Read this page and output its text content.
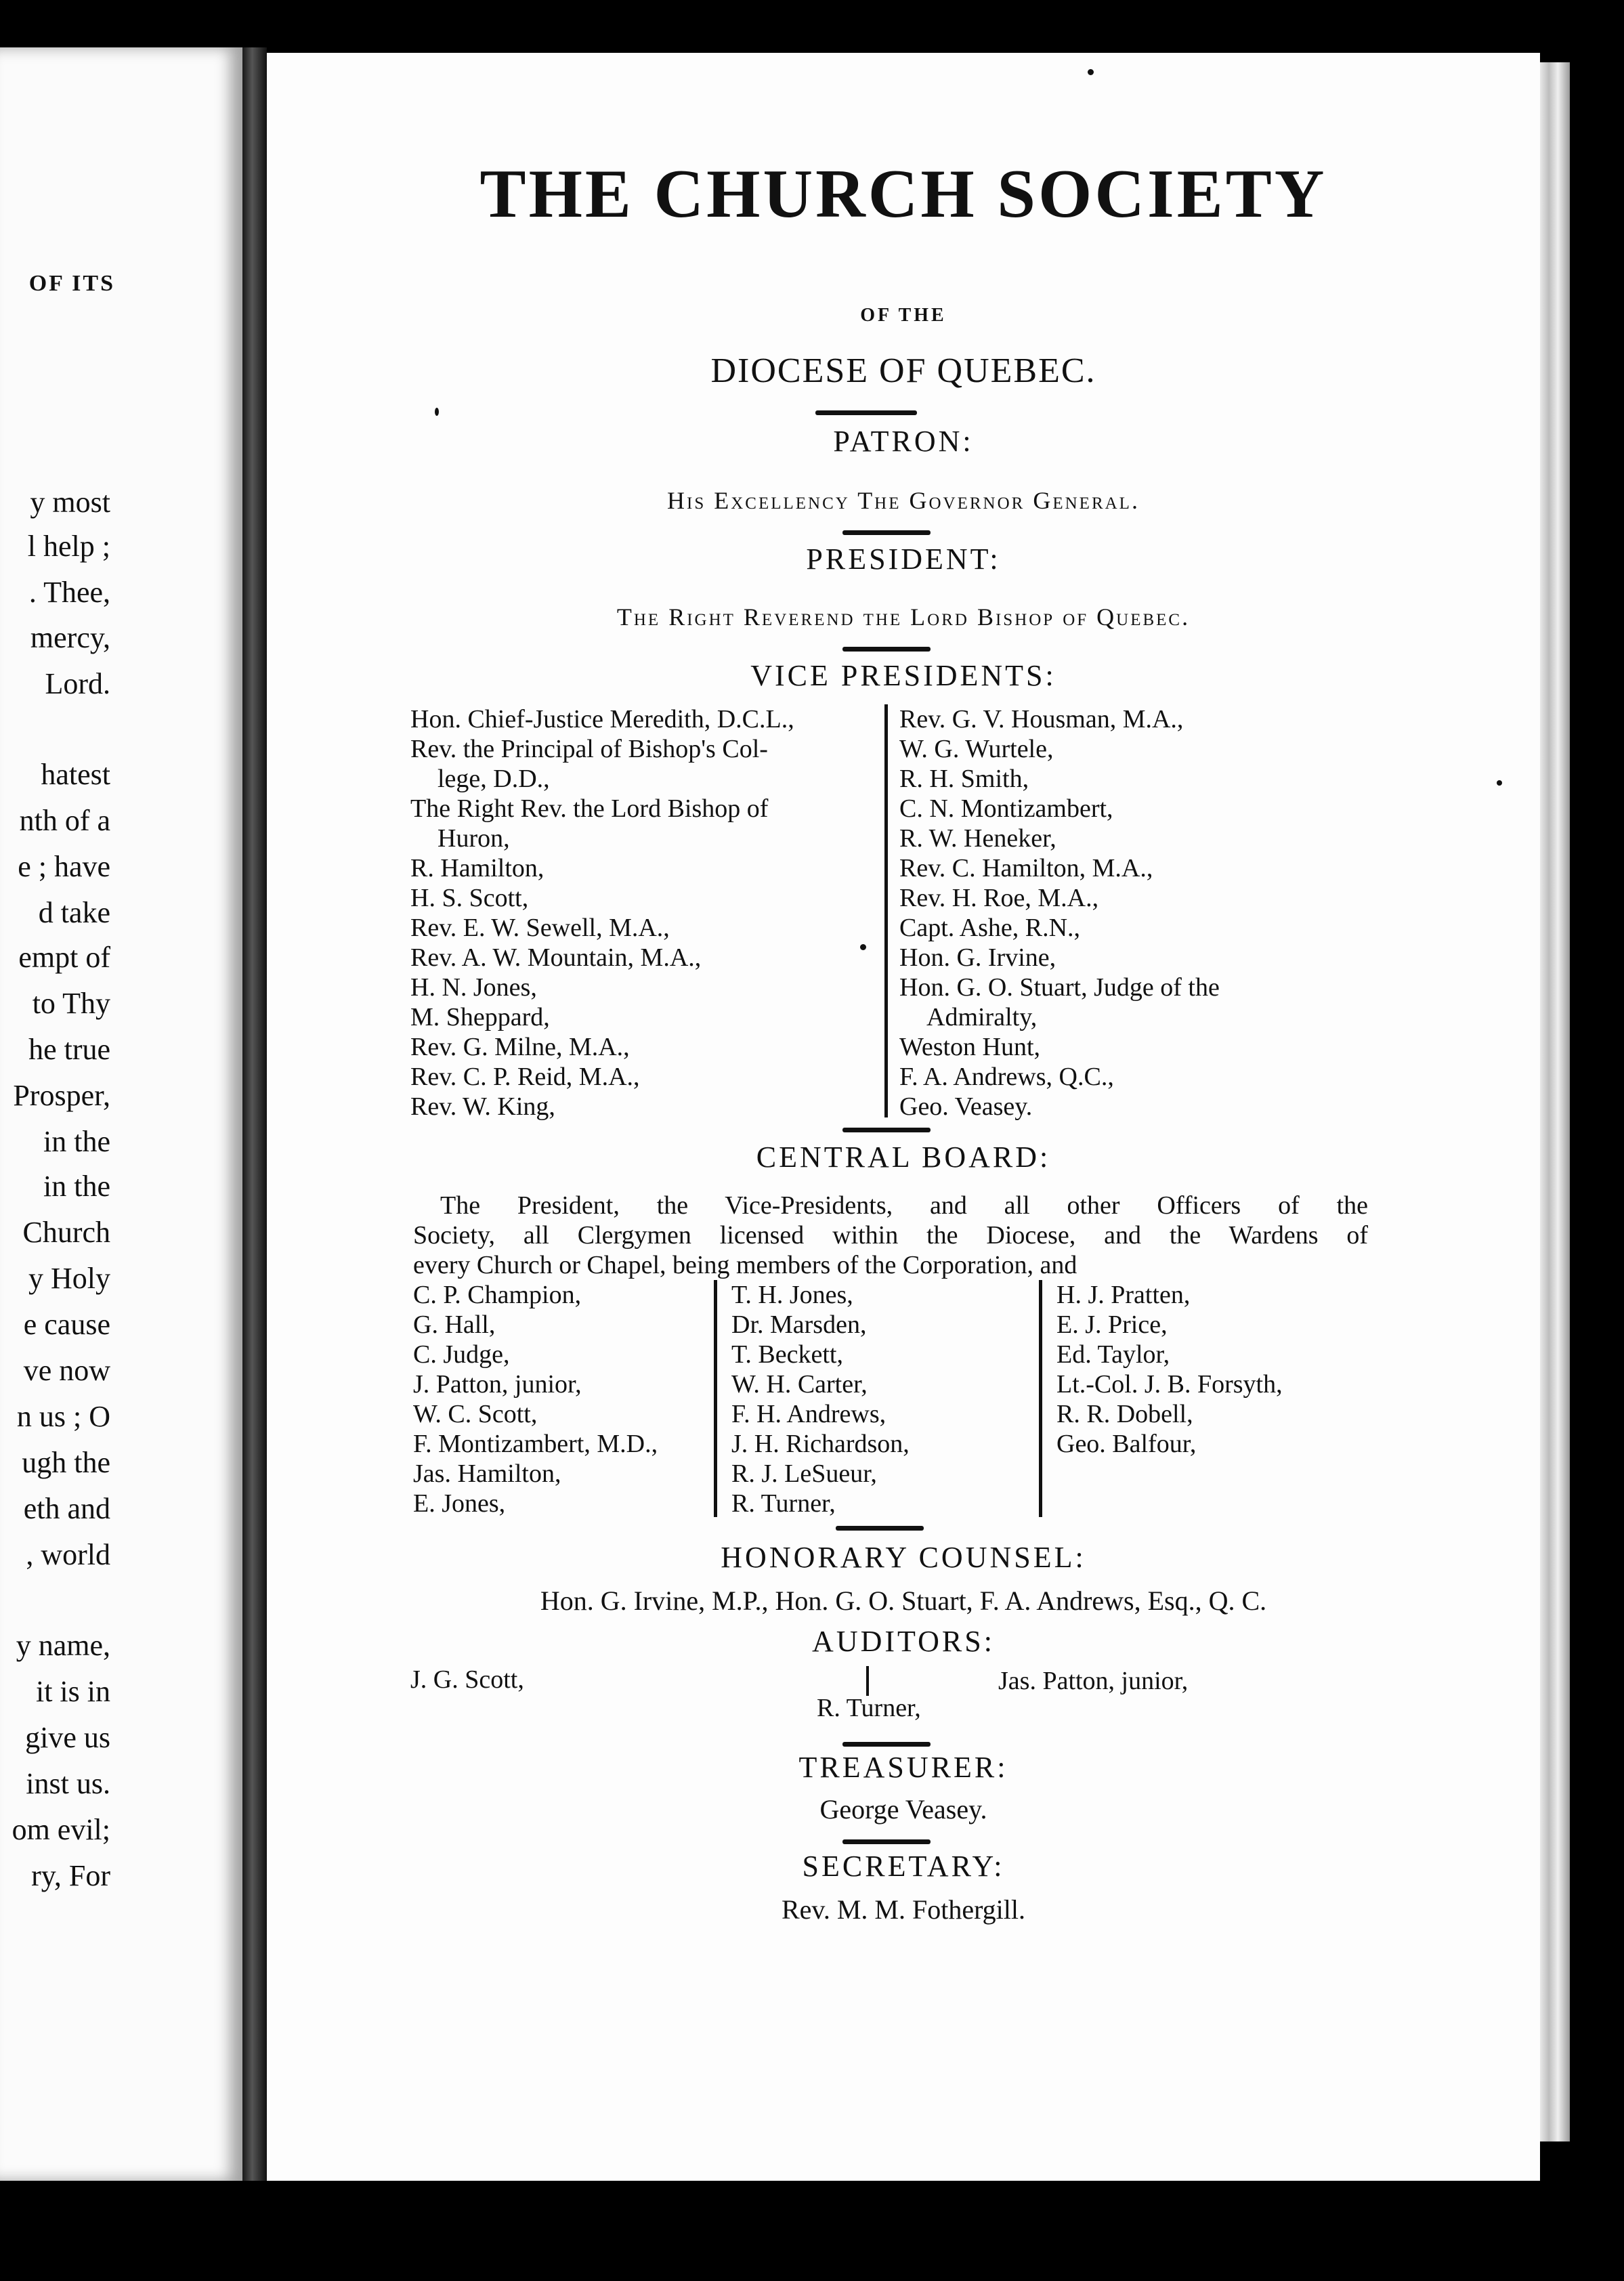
OF ITS
y most
l help ;
. Thee,
mercy,
Lord.
hatest
nth of a
e ; have
d take
empt of
to Thy
he true
Prosper,
in the
in the
Church
y Holy
e cause
ve now
n us ; O
ugh the
eth and
, world
y name,
it is in
give us
inst us.
om evil;
ry, For
THE CHURCH SOCIETY
OF THE
DIOCESE OF QUEBEC.
PATRON:
His Excellency The Governor General.
PRESIDENT:
The Right Reverend the Lord Bishop of Quebec.
VICE PRESIDENTS:
Hon. Chief-Justice Meredith, D.C.L.,
Rev. the Principal of Bishop's Col-
lege, D.D.,
The Right Rev. the Lord Bishop of
Huron,
R. Hamilton,
H. S. Scott,
Rev. E. W. Sewell, M.A.,
Rev. A. W. Mountain, M.A.,
H. N. Jones,
M. Sheppard,
Rev. G. Milne, M.A.,
Rev. C. P. Reid, M.A.,
Rev. W. King,
Rev. G. V. Housman, M.A.,
W. G. Wurtele,
R. H. Smith,
C. N. Montizambert,
R. W. Heneker,
Rev. C. Hamilton, M.A.,
Rev. H. Roe, M.A.,
Capt. Ashe, R.N.,
Hon. G. Irvine,
Hon. G. O. Stuart, Judge of the
Admiralty,
Weston Hunt,
F. A. Andrews, Q.C.,
Geo. Veasey.
CENTRAL BOARD:
The President, the Vice-Presidents, and all other Officers of the
Society, all Clergymen licensed within the Diocese, and the Wardens of
every Church or Chapel, being members of the Corporation, and
C. P. Champion,
G. Hall,
C. Judge,
J. Patton, junior,
W. C. Scott,
F. Montizambert, M.D.,
Jas. Hamilton,
E. Jones,
T. H. Jones,
Dr. Marsden,
T. Beckett,
W. H. Carter,
F. H. Andrews,
J. H. Richardson,
R. J. LeSueur,
R. Turner,
H. J. Pratten,
E. J. Price,
Ed. Taylor,
Lt.-Col. J. B. Forsyth,
R. R. Dobell,
Geo. Balfour,
HONORARY COUNSEL:
Hon. G. Irvine, M.P., Hon. G. O. Stuart, F. A. Andrews, Esq., Q. C.
AUDITORS:
J. G. Scott,
R. Turner,
Jas. Patton, junior,
TREASURER:
George Veasey.
SECRETARY:
Rev. M. M. Fothergill.
